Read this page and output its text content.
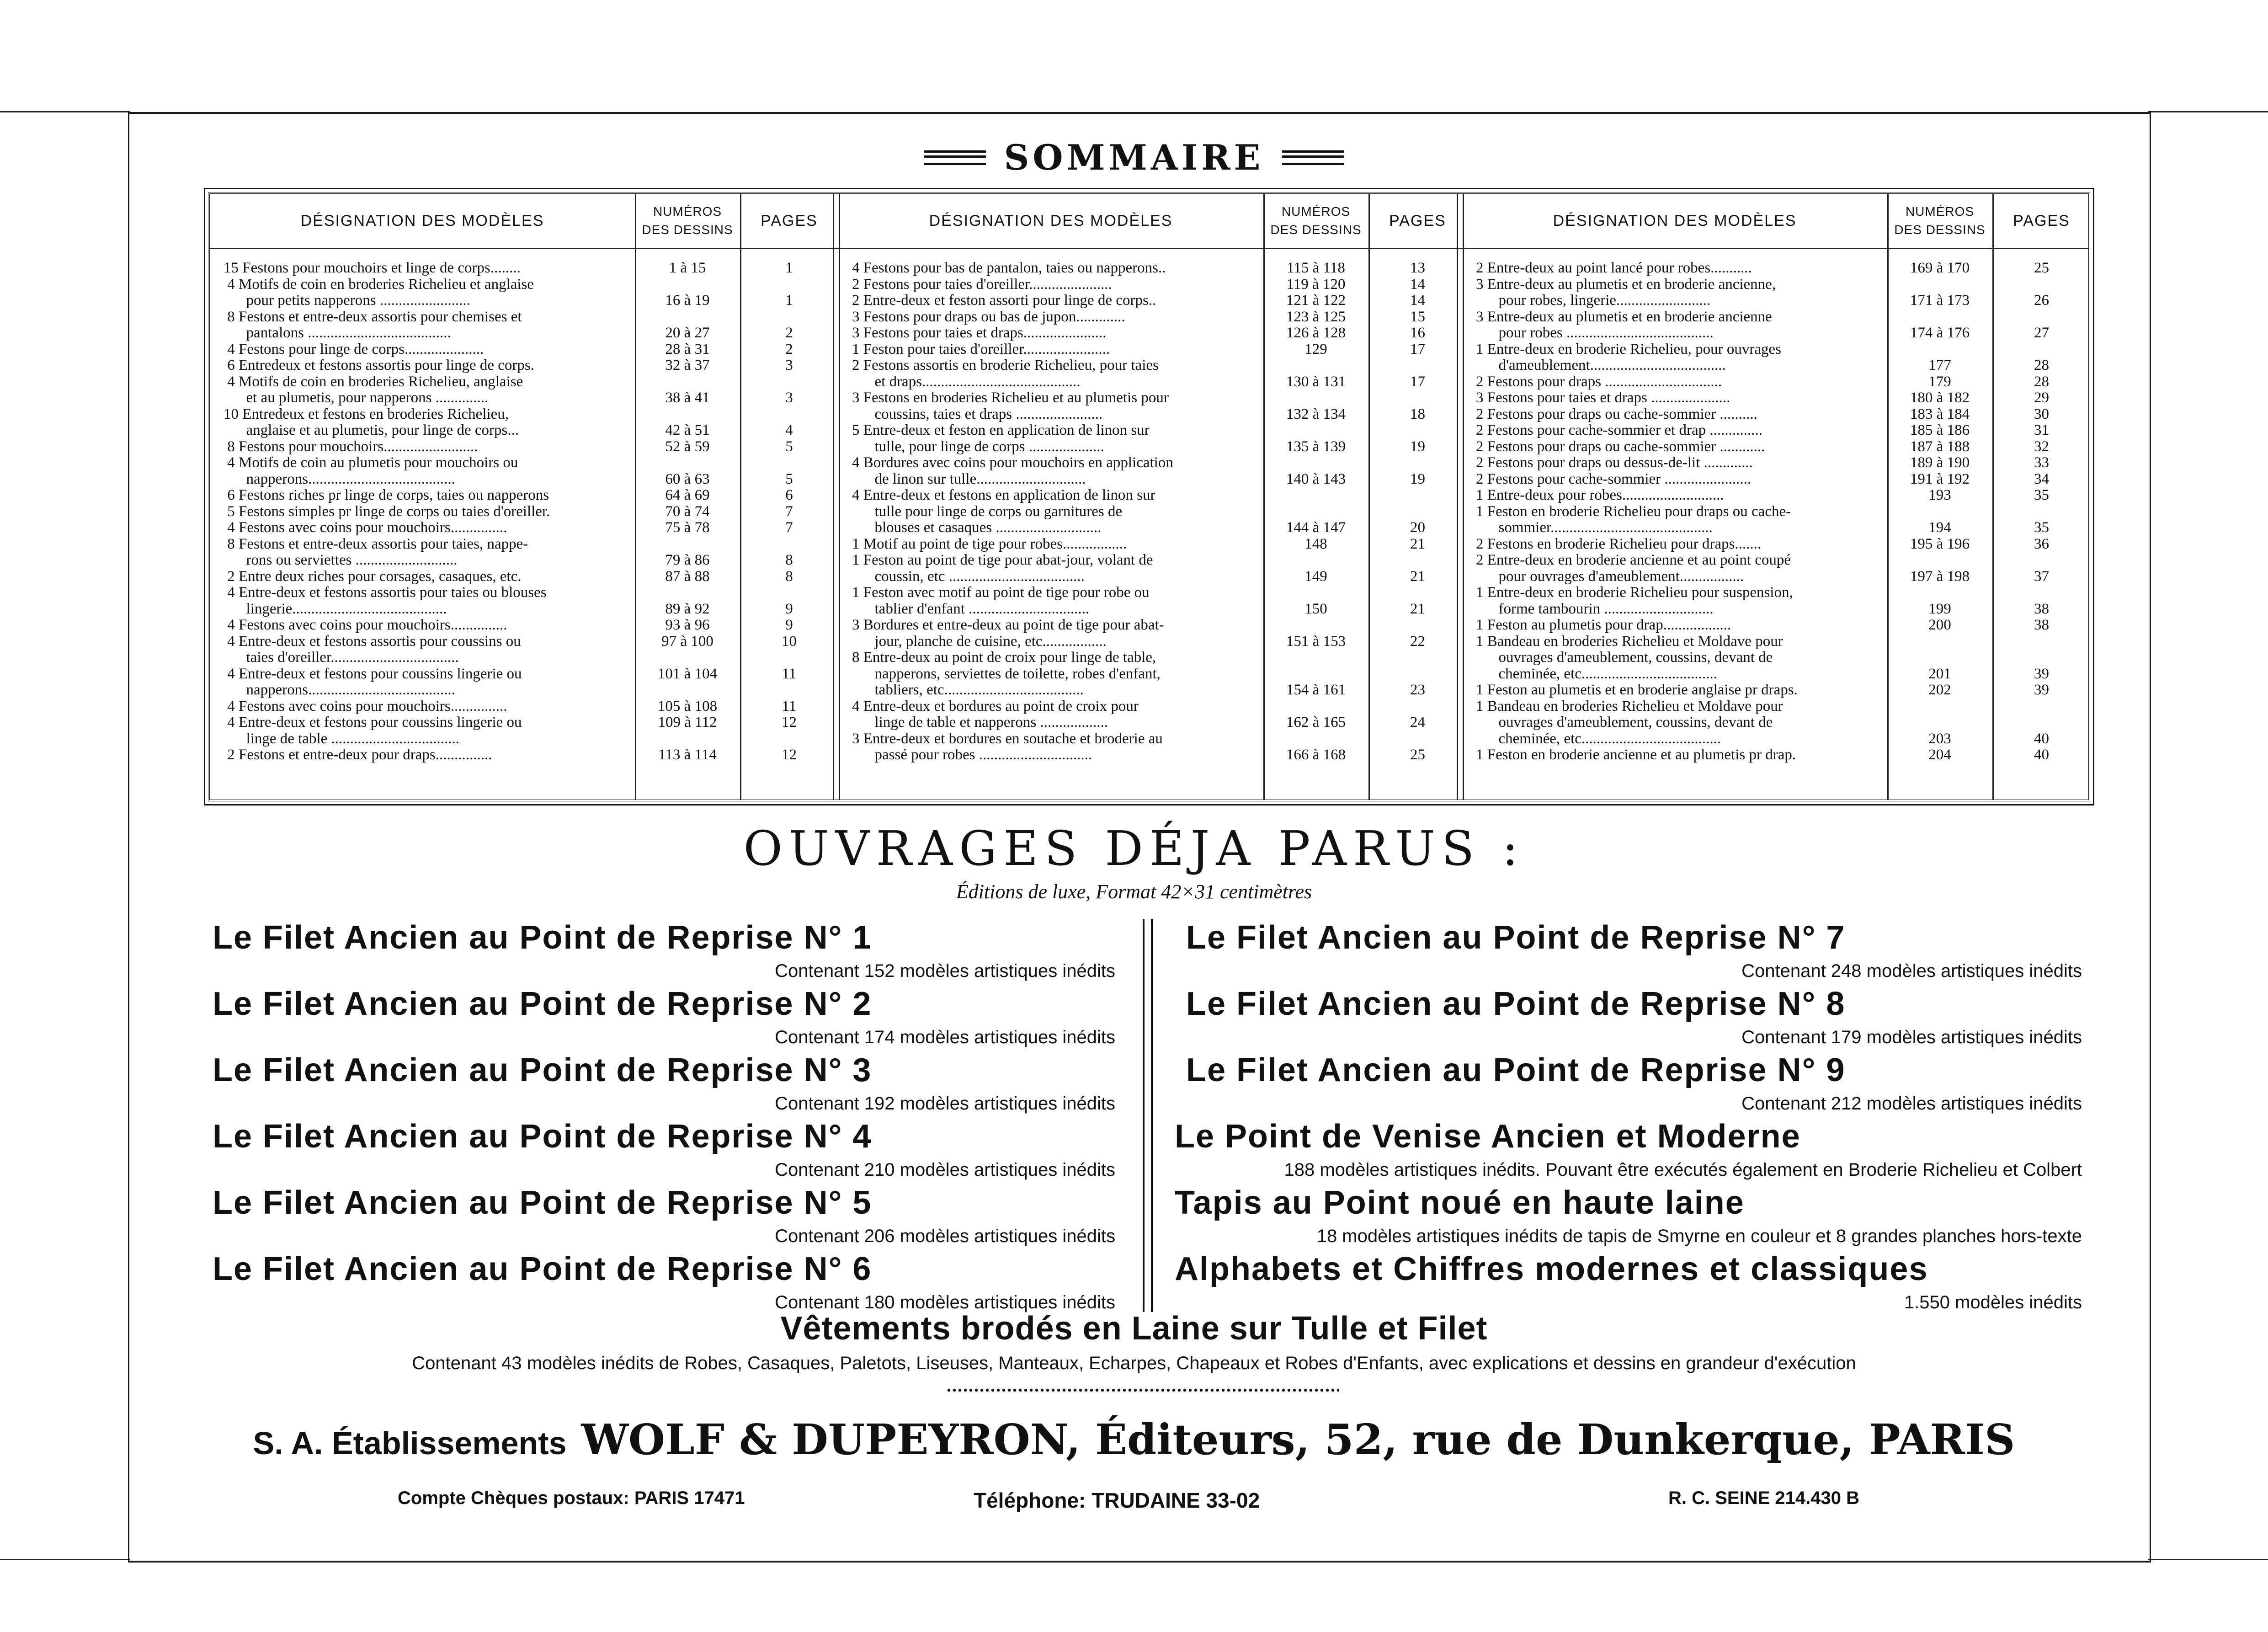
SOMMAIRE
DÉSIGNATION DES MODÈLES
NUMÉROS
DES DESSINS
PAGES
15 Festons pour mouchoirs et linge de corps........
4 Motifs de coin en broderies Richelieu et anglaise
pour petits napperons ........................
8 Festons et entre-deux assortis pour chemises et
pantalons ......................................
4 Festons pour linge de corps.....................
6 Entredeux et festons assortis pour linge de corps.
4 Motifs de coin en broderies Richelieu, anglaise
et au plumetis, pour napperons ..............
10 Entredeux et festons en broderies Richelieu,
anglaise et au plumetis, pour linge de corps...
8 Festons pour mouchoirs.........................
4 Motifs de coin au plumetis pour mouchoirs ou
napperons.......................................
6 Festons riches pr linge de corps, taies ou napperons
5 Festons simples pr linge de corps ou taies d'oreiller.
4 Festons avec coins pour mouchoirs...............
8 Festons et entre-deux assortis pour taies, nappe-
rons ou serviettes ...........................
2 Entre deux riches pour corsages, casaques, etc.
4 Entre-deux et festons assortis pour taies ou blouses
lingerie.........................................
4 Festons avec coins pour mouchoirs...............
4 Entre-deux et festons assortis pour coussins ou
taies d'oreiller..................................
4 Entre-deux et festons pour coussins lingerie ou
napperons.......................................
4 Festons avec coins pour mouchoirs...............
4 Entre-deux et festons pour coussins lingerie ou
linge de table ..................................
2 Festons et entre-deux pour draps...............
1 à 15

16 à 19

20 à 27
28 à 31
32 à 37

38 à 41

42 à 51
52 à 59

60 à 63
64 à 69
70 à 74
75 à 78

79 à 86
87 à 88

89 à 92
93 à 96
97 à 100

101 à 104

105 à 108
109 à 112

113 à 114
1

1

2
2
3

3

4
5

5
6
7
7

8
8

9
9
10

11

11
12

12
DÉSIGNATION DES MODÈLES
NUMÉROS
DES DESSINS
PAGES
4 Festons pour bas de pantalon, taies ou napperons..
2 Festons pour taies d'oreiller......................
2 Entre-deux et feston assorti pour linge de corps..
3 Festons pour draps ou bas de jupon.............
3 Festons pour taies et draps......................
1 Feston pour taies d'oreiller.......................
2 Festons assortis en broderie Richelieu, pour taies
et draps..........................................
3 Festons en broderies Richelieu et au plumetis pour
coussins, taies et draps .......................
5 Entre-deux et feston en application de linon sur
tulle, pour linge de corps ....................
4 Bordures avec coins pour mouchoirs en application
de linon sur tulle.............................
4 Entre-deux et festons en application de linon sur
tulle pour linge de corps ou garnitures de
blouses et casaques ............................
1 Motif au point de tige pour robes.................
1 Feston au point de tige pour abat-jour, volant de
coussin, etc ....................................
1 Feston avec motif au point de tige pour robe ou
tablier d'enfant ................................
3 Bordures et entre-deux au point de tige pour abat-
jour, planche de cuisine, etc.................
8 Entre-deux au point de croix pour linge de table,
napperons, serviettes de toilette, robes d'enfant,
tabliers, etc.....................................
4 Entre-deux et bordures au point de croix pour
linge de table et napperons ..................
3 Entre-deux et bordures en soutache et broderie au
passé pour robes ..............................
115 à 118
119 à 120
121 à 122
123 à 125
126 à 128
129

130 à 131

132 à 134

135 à 139

140 à 143

144 à 147
148

149

150

151 à 153

154 à 161

162 à 165

166 à 168
13
14
14
15
16
17

17

18

19

19

20
21

21

21

22

23

24

25
DÉSIGNATION DES MODÈLES
NUMÉROS
DES DESSINS
PAGES
2 Entre-deux au point lancé pour robes...........
3 Entre-deux au plumetis et en broderie ancienne,
pour robes, lingerie.........................
3 Entre-deux au plumetis et en broderie ancienne
pour robes .......................................
1 Entre-deux en broderie Richelieu, pour ouvrages
d'ameublement....................................
2 Festons pour draps ...............................
3 Festons pour taies et draps .....................
2 Festons pour draps ou cache-sommier ..........
2 Festons pour cache-sommier et drap ..............
2 Festons pour draps ou cache-sommier ............
2 Festons pour draps ou dessus-de-lit .............
2 Festons pour cache-sommier .......................
1 Entre-deux pour robes...........................
1 Feston en broderie Richelieu pour draps ou cache-
sommier...........................................
2 Festons en broderie Richelieu pour draps.......
2 Entre-deux en broderie ancienne et au point coupé
pour ouvrages d'ameublement.................
1 Entre-deux en broderie Richelieu pour suspension,
forme tambourin .............................
1 Feston au plumetis pour drap..................
1 Bandeau en broderies Richelieu et Moldave pour
ouvrages d'ameublement, coussins, devant de
cheminée, etc....................................
1 Feston au plumetis et en broderie anglaise pr draps.
1 Bandeau en broderies Richelieu et Moldave pour
ouvrages d'ameublement, coussins, devant de
cheminée, etc.....................................
1 Feston en broderie ancienne et au plumetis pr drap.
169 à 170

171 à 173

174 à 176

177
179
180 à 182
183 à 184
185 à 186
187 à 188
189 à 190
191 à 192
193

194
195 à 196

197 à 198

199
200

201
202

203
204
25

26

27

28
28
29
30
31
32
33
34
35

35
36

37

38
38

39
39

40
40
OUVRAGES DÉJA PARUS :
Éditions de luxe, Format 42×31 centimètres
Le Filet Ancien au Point de Reprise N° 1
Contenant 152 modèles artistiques inédits
Le Filet Ancien au Point de Reprise N° 2
Contenant 174 modèles artistiques inédits
Le Filet Ancien au Point de Reprise N° 3
Contenant 192 modèles artistiques inédits
Le Filet Ancien au Point de Reprise N° 4
Contenant 210 modèles artistiques inédits
Le Filet Ancien au Point de Reprise N° 5
Contenant 206 modèles artistiques inédits
Le Filet Ancien au Point de Reprise N° 6
Contenant 180 modèles artistiques inédits
Le Filet Ancien au Point de Reprise N° 7
Contenant 248 modèles artistiques inédits
Le Filet Ancien au Point de Reprise N° 8
Contenant 179 modèles artistiques inédits
Le Filet Ancien au Point de Reprise N° 9
Contenant 212 modèles artistiques inédits
Le Point de Venise Ancien et Moderne
188 modèles artistiques inédits. Pouvant être exécutés également en Broderie Richelieu et Colbert
Tapis au Point noué en haute laine
18 modèles artistiques inédits de tapis de Smyrne en couleur et 8 grandes planches hors-texte
Alphabets et Chiffres modernes et classiques
1.550 modèles inédits
Vêtements brodés en Laine sur Tulle et Filet
Contenant 43 modèles inédits de Robes, Casaques, Paletots, Liseuses, Manteaux, Echarpes, Chapeaux et Robes d'Enfants, avec explications et dessins en grandeur d'exécution
S. A. Établissements WOLF & DUPEYRON, Éditeurs, 52, rue de Dunkerque, PARIS
Compte Chèques postaux: PARIS 17471	Téléphone: TRUDAINE 33-02	R. C. SEINE 214.430 B
